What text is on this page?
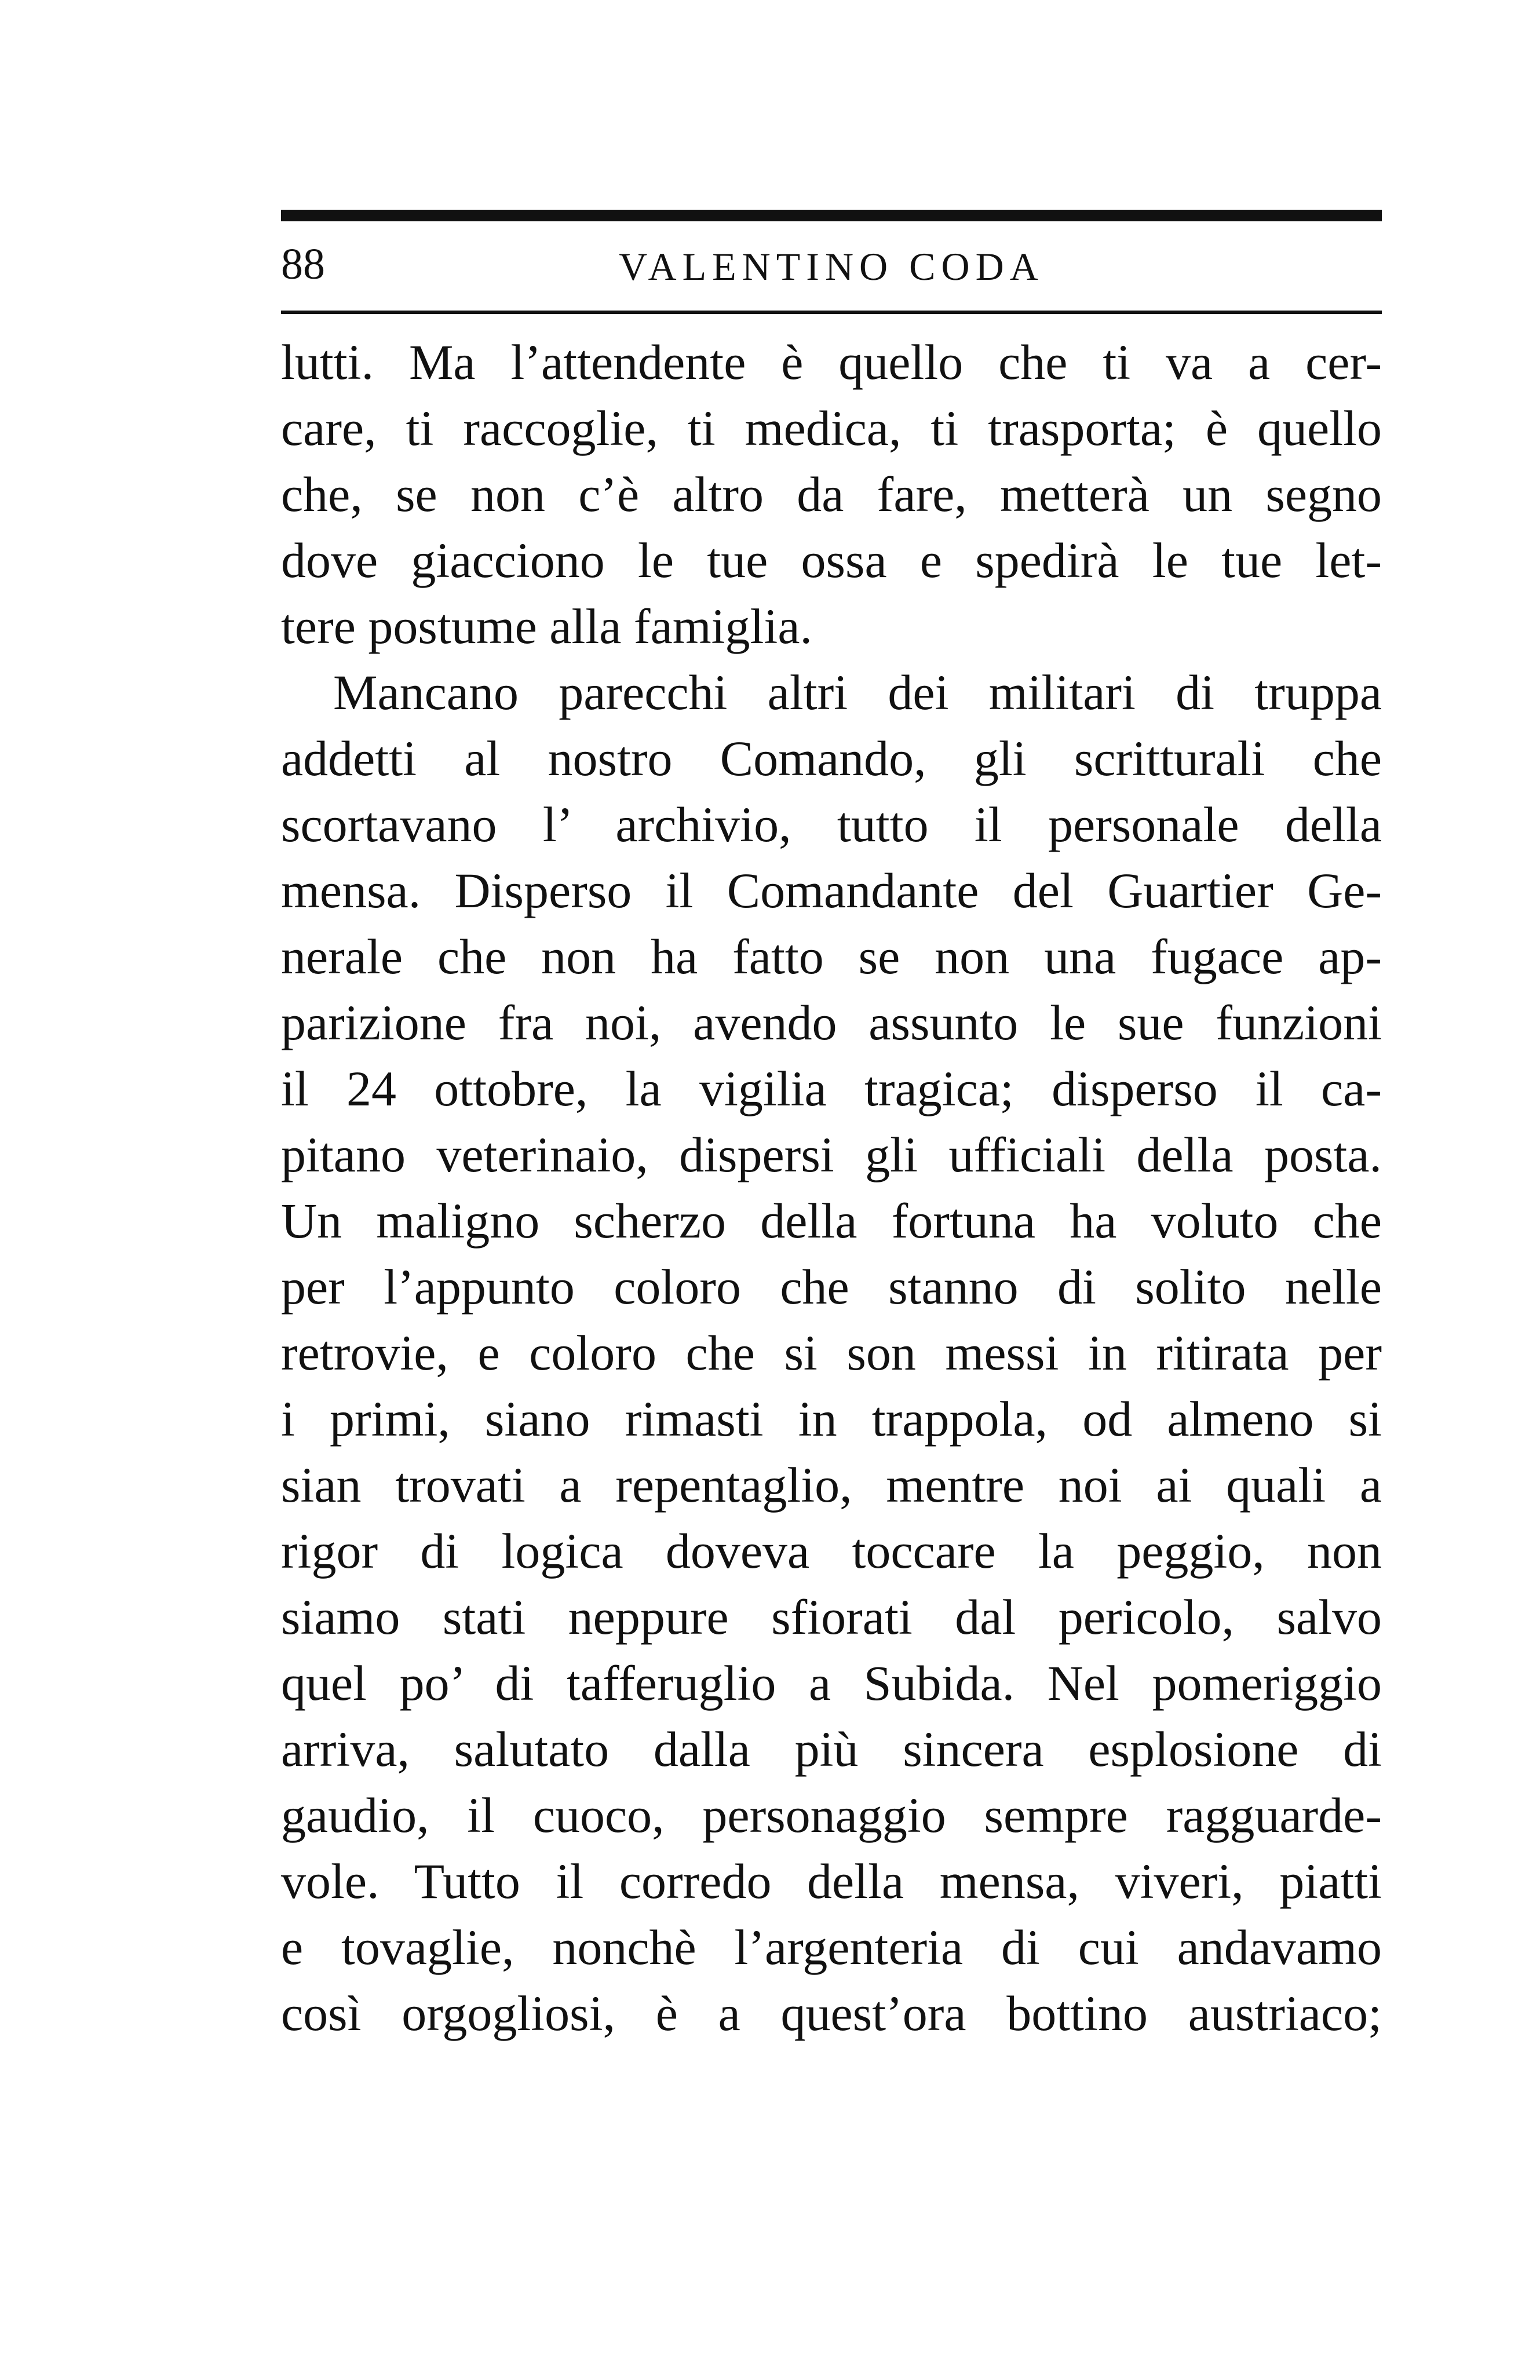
88	VALENTINO CODA
lutti. Ma l’attendente è quello che ti va a cer-
care, ti raccoglie, ti medica, ti trasporta; è quello
che, se non c’è altro da fare, metterà un segno
dove giacciono le tue ossa e spedirà le tue let-
tere postume alla famiglia.
Mancano parecchi altri dei militari di truppa
addetti al nostro Comando, gli scritturali che
scortavano l’ archivio, tutto il personale della
mensa. Disperso il Comandante del Guartier Ge-
nerale che non ha fatto se non una fugace ap-
parizione fra noi, avendo assunto le sue funzioni
il 24 ottobre, la vigilia tragica; disperso il ca-
pitano veterinaio, dispersi gli ufficiali della posta.
Un maligno scherzo della fortuna ha voluto che
per l’appunto coloro che stanno di solito nelle
retrovie, e coloro che si son messi in ritirata per
i primi, siano rimasti in trappola, od almeno si
sian trovati a repentaglio, mentre noi ai quali a
rigor di logica doveva toccare la peggio, non
siamo stati neppure sfiorati dal pericolo, salvo
quel po’ di tafferuglio a Subida. Nel pomeriggio
arriva, salutato dalla più sincera esplosione di
gaudio, il cuoco, personaggio sempre ragguarde-
vole. Tutto il corredo della mensa, viveri, piatti
e tovaglie, nonchè l’argenteria di cui andavamo
così orgogliosi, è a quest’ora bottino austriaco;
